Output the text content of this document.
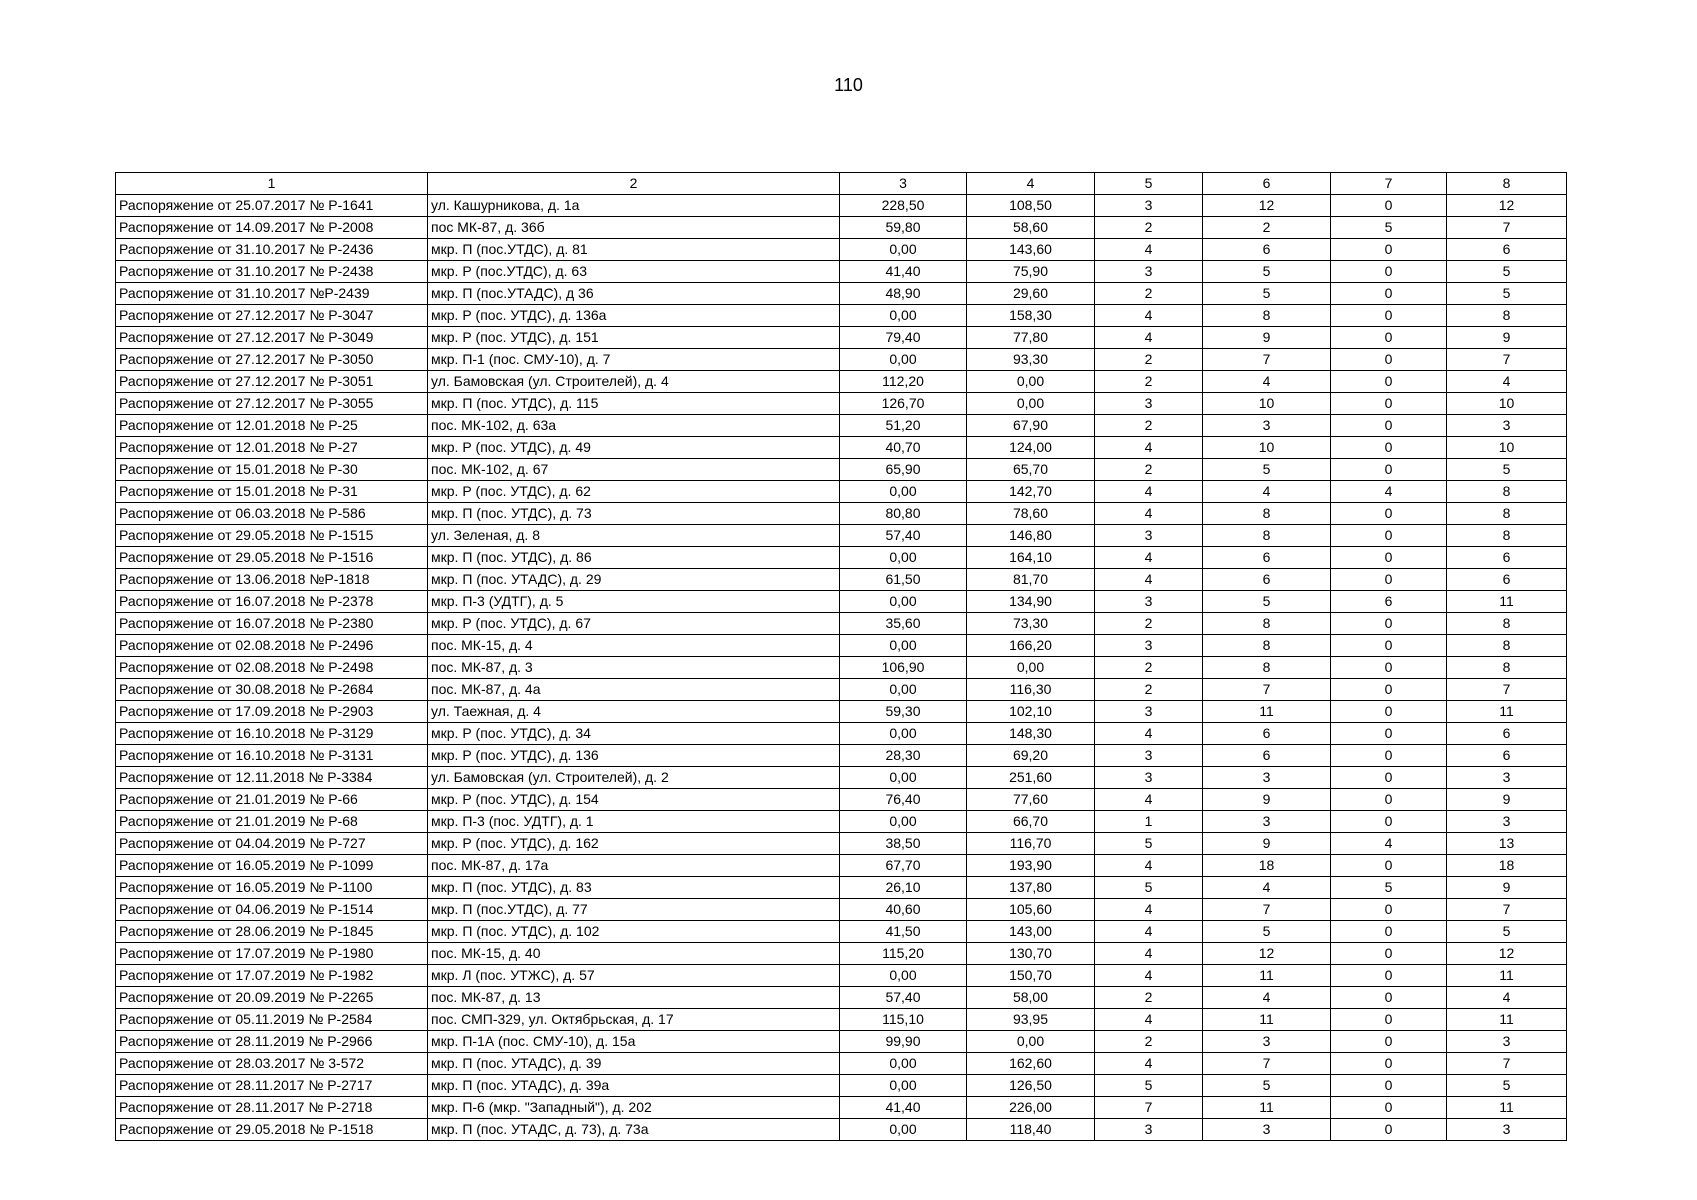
110
1	2	3	4	5	6	7	8
Распоряжение от 25.07.2017 № Р-1641	ул. Кашурникова, д. 1а	228,50	108,50	3	12	0	12
Распоряжение от 14.09.2017 № Р-2008	пос МК-87, д. 36б	59,80	58,60	2	2	5	7
Распоряжение от 31.10.2017 № Р-2436	мкр. П (пос.УТДС), д. 81	0,00	143,60	4	6	0	6
Распоряжение от 31.10.2017 № Р-2438	мкр. Р (пос.УТДС), д. 63	41,40	75,90	3	5	0	5
Распоряжение от 31.10.2017 №Р-2439	мкр. П (пос.УТАДС), д 36	48,90	29,60	2	5	0	5
Распоряжение от 27.12.2017 № Р-3047	мкр. Р (пос. УТДС), д. 136а	0,00	158,30	4	8	0	8
Распоряжение от 27.12.2017 № Р-3049	мкр. Р (пос. УТДС), д. 151	79,40	77,80	4	9	0	9
Распоряжение от 27.12.2017 № Р-3050	мкр. П-1 (пос. СМУ-10), д. 7	0,00	93,30	2	7	0	7
Распоряжение от 27.12.2017 № Р-3051	ул. Бамовская (ул. Строителей), д. 4	112,20	0,00	2	4	0	4
Распоряжение от 27.12.2017 № Р-3055	мкр. П (пос. УТДС), д. 115	126,70	0,00	3	10	0	10
Распоряжение от 12.01.2018 № Р-25	пос. МК-102, д. 63а	51,20	67,90	2	3	0	3
Распоряжение от 12.01.2018 № Р-27	мкр. Р (пос. УТДС), д. 49	40,70	124,00	4	10	0	10
Распоряжение от 15.01.2018 № Р-30	пос. МК-102, д. 67	65,90	65,70	2	5	0	5
Распоряжение от 15.01.2018 № Р-31	мкр. Р (пос. УТДС), д. 62	0,00	142,70	4	4	4	8
Распоряжение от 06.03.2018 № Р-586	мкр. П (пос. УТДС), д. 73	80,80	78,60	4	8	0	8
Распоряжение от 29.05.2018 № Р-1515	ул. Зеленая, д. 8	57,40	146,80	3	8	0	8
Распоряжение от 29.05.2018 № Р-1516	мкр. П (пос. УТДС), д. 86	0,00	164,10	4	6	0	6
Распоряжение от 13.06.2018 №Р-1818	мкр. П (пос. УТАДС), д. 29	61,50	81,70	4	6	0	6
Распоряжение от 16.07.2018 № Р-2378	мкр. П-3 (УДТГ), д. 5	0,00	134,90	3	5	6	11
Распоряжение от 16.07.2018 № Р-2380	мкр. Р (пос. УТДС), д. 67	35,60	73,30	2	8	0	8
Распоряжение от 02.08.2018 № Р-2496	пос. МК-15, д. 4	0,00	166,20	3	8	0	8
Распоряжение от 02.08.2018 № Р-2498	пос. МК-87, д. 3	106,90	0,00	2	8	0	8
Распоряжение от 30.08.2018 № Р-2684	пос. МК-87, д. 4а	0,00	116,30	2	7	0	7
Распоряжение от 17.09.2018 № Р-2903	ул. Таежная, д. 4	59,30	102,10	3	11	0	11
Распоряжение от 16.10.2018 № Р-3129	мкр. Р (пос. УТДС), д. 34	0,00	148,30	4	6	0	6
Распоряжение от 16.10.2018 № Р-3131	мкр. Р (пос. УТДС), д. 136	28,30	69,20	3	6	0	6
Распоряжение от 12.11.2018 № Р-3384	ул. Бамовская (ул. Строителей), д. 2	0,00	251,60	3	3	0	3
Распоряжение от 21.01.2019 № Р-66	мкр. Р (пос. УТДС), д. 154	76,40	77,60	4	9	0	9
Распоряжение от 21.01.2019 № Р-68	мкр. П-3 (пос. УДТГ), д. 1	0,00	66,70	1	3	0	3
Распоряжение от 04.04.2019 № Р-727	мкр. Р (пос. УТДС), д. 162	38,50	116,70	5	9	4	13
Распоряжение от 16.05.2019 № Р-1099	пос. МК-87, д. 17а	67,70	193,90	4	18	0	18
Распоряжение от 16.05.2019 № Р-1100	мкр. П (пос. УТДС), д. 83	26,10	137,80	5	4	5	9
Распоряжение от 04.06.2019 № Р-1514	мкр. П (пос.УТДС), д. 77	40,60	105,60	4	7	0	7
Распоряжение от 28.06.2019 № Р-1845	мкр. П (пос. УТДС), д. 102	41,50	143,00	4	5	0	5
Распоряжение от 17.07.2019 № Р-1980	пос. МК-15, д. 40	115,20	130,70	4	12	0	12
Распоряжение от 17.07.2019 № Р-1982	мкр. Л (пос. УТЖС), д. 57	0,00	150,70	4	11	0	11
Распоряжение от 20.09.2019 № Р-2265	пос. МК-87, д. 13	57,40	58,00	2	4	0	4
Распоряжение от 05.11.2019 № Р-2584	пос. СМП-329, ул. Октябрьская, д. 17	115,10	93,95	4	11	0	11
Распоряжение от 28.11.2019 № Р-2966	мкр. П-1А (пос. СМУ-10), д. 15а	99,90	0,00	2	3	0	3
Распоряжение от 28.03.2017 № 3-572	мкр. П (пос. УТАДС), д. 39	0,00	162,60	4	7	0	7
Распоряжение от 28.11.2017 № Р-2717	мкр. П (пос. УТАДС), д. 39а	0,00	126,50	5	5	0	5
Распоряжение от 28.11.2017 № Р-2718	мкр. П-6 (мкр. "Западный"), д. 202	41,40	226,00	7	11	0	11
Распоряжение от 29.05.2018 № Р-1518	мкр. П (пос. УТАДС, д. 73), д. 73а	0,00	118,40	3	3	0	3
